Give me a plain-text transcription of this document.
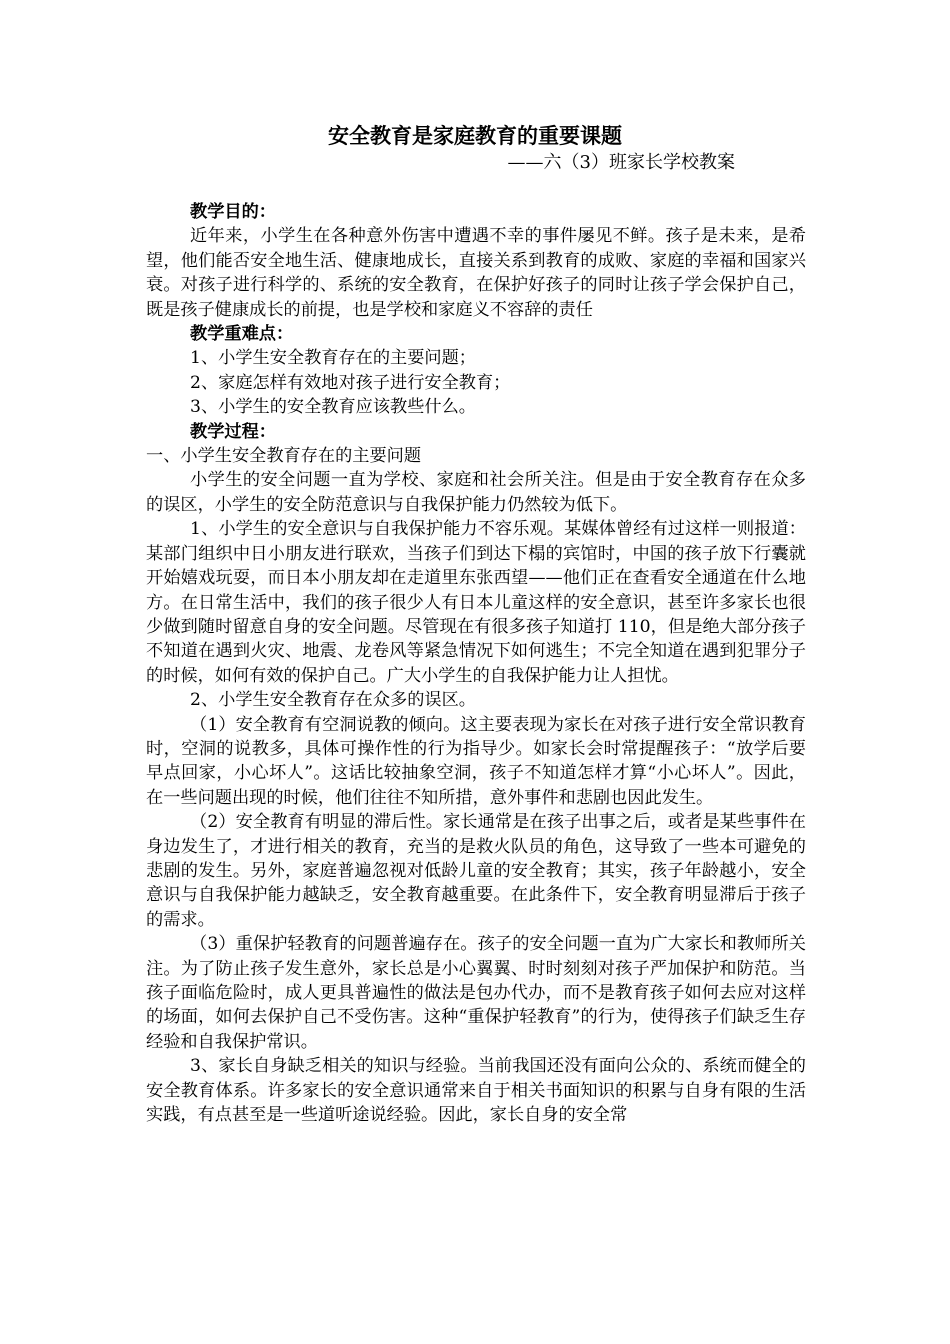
安全教育是家庭教育的重要课题
——六（3）班家长学校教案

教学目的：

近年来，小学生在各种意外伤害中遭遇不幸的事件屡见不鲜。孩子是未来，是希望，他们能否安全地生活、健康地成长，直接关系到教育的成败、家庭的幸福和国家兴衰。对孩子进行科学的、系统的安全教育，在保护好孩子的同时让孩子学会保护自己，既是孩子健康成长的前提，也是学校和家庭义不容辞的责任

教学重难点：

1、小学生安全教育存在的主要问题；

2、家庭怎样有效地对孩子进行安全教育；

3、小学生的安全教育应该教些什么。

教学过程：

一、小学生安全教育存在的主要问题

小学生的安全问题一直为学校、家庭和社会所关注。但是由于安全教育存在众多的误区，小学生的安全防范意识与自我保护能力仍然较为低下。

1、小学生的安全意识与自我保护能力不容乐观。某媒体曾经有过这样一则报道：某部门组织中日小朋友进行联欢，当孩子们到达下榻的宾馆时，中国的孩子放下行囊就开始嬉戏玩耍，而日本小朋友却在走道里东张西望——他们正在查看安全通道在什么地方。在日常生活中，我们的孩子很少人有日本儿童这样的安全意识，甚至许多家长也很少做到随时留意自身的安全问题。尽管现在有很多孩子知道打 110，但是绝大部分孩子不知道在遇到火灾、地震、龙卷风等紧急情况下如何逃生；不完全知道在遇到犯罪分子的时候，如何有效的保护自己。广大小学生的自我保护能力让人担忧。

2、小学生安全教育存在众多的误区。

（1）安全教育有空洞说教的倾向。这主要表现为家长在对孩子进行安全常识教育时，空洞的说教多，具体可操作性的行为指导少。如家长会时常提醒孩子：“放学后要早点回家，小心坏人”。这话比较抽象空洞，孩子不知道怎样才算“小心坏人”。因此，在一些问题出现的时候，他们往往不知所措，意外事件和悲剧也因此发生。

（2）安全教育有明显的滞后性。家长通常是在孩子出事之后，或者是某些事件在身边发生了，才进行相关的教育，充当的是救火队员的角色，这导致了一些本可避免的悲剧的发生。另外，家庭普遍忽视对低龄儿童的安全教育；其实，孩子年龄越小，安全意识与自我保护能力越缺乏，安全教育越重要。在此条件下，安全教育明显滞后于孩子的需求。

（3）重保护轻教育的问题普遍存在。孩子的安全问题一直为广大家长和教师所关注。为了防止孩子发生意外，家长总是小心翼翼、时时刻刻对孩子严加保护和防范。当孩子面临危险时，成人更具普遍性的做法是包办代办，而不是教育孩子如何去应对这样的场面，如何去保护自己不受伤害。这种“重保护轻教育”的行为，使得孩子们缺乏生存经验和自我保护常识。

3、家长自身缺乏相关的知识与经验。当前我国还没有面向公众的、系统而健全的安全教育体系。许多家长的安全意识通常来自于相关书面知识的积累与自身有限的生活实践，有点甚至是一些道听途说经验。因此，家长自身的安全常
